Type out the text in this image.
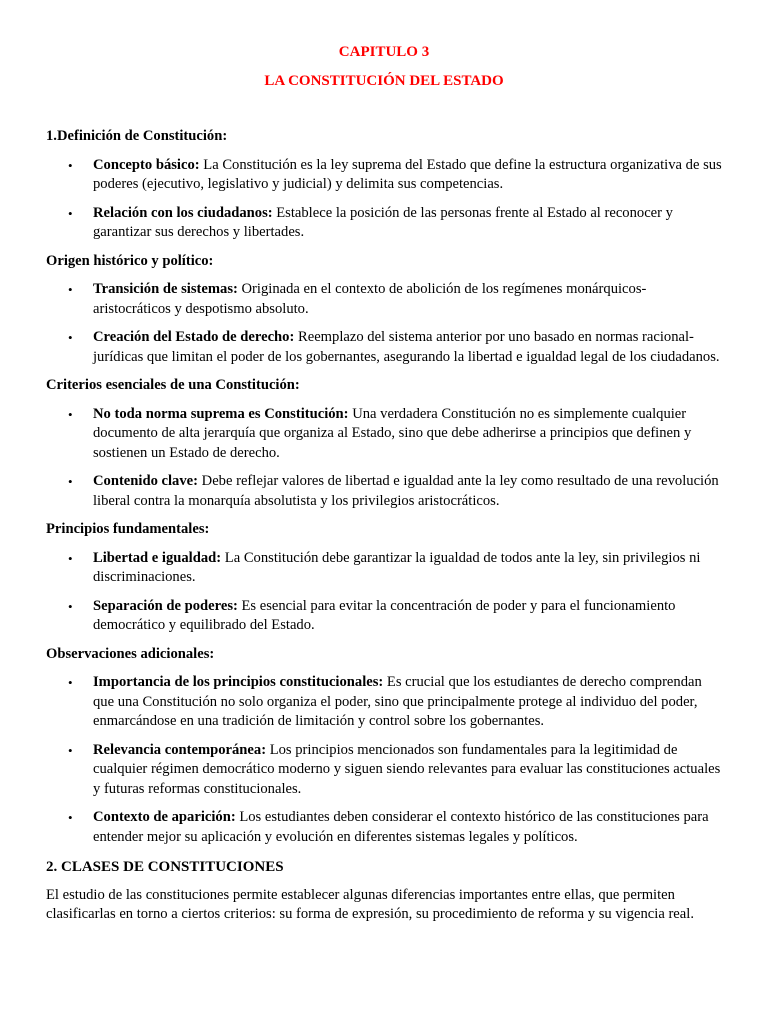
CAPITULO 3
LA CONSTITUCIÓN DEL ESTADO
1.Definición de Constitución:
• Concepto básico: La Constitución es la ley suprema del Estado que define la estructura organizativa de sus poderes (ejecutivo, legislativo y judicial) y delimita sus competencias.
• Relación con los ciudadanos: Establece la posición de las personas frente al Estado al reconocer y garantizar sus derechos y libertades.
Origen histórico y político:
• Transición de sistemas: Originada en el contexto de abolición de los regímenes monárquicos-aristocráticos y despotismo absoluto.
• Creación del Estado de derecho: Reemplazo del sistema anterior por uno basado en normas racional-jurídicas que limitan el poder de los gobernantes, asegurando la libertad e igualdad legal de los ciudadanos.
Criterios esenciales de una Constitución:
• No toda norma suprema es Constitución: Una verdadera Constitución no es simplemente cualquier documento de alta jerarquía que organiza al Estado, sino que debe adherirse a principios que definen y sostienen un Estado de derecho.
• Contenido clave: Debe reflejar valores de libertad e igualdad ante la ley como resultado de una revolución liberal contra la monarquía absolutista y los privilegios aristocráticos.
Principios fundamentales:
• Libertad e igualdad: La Constitución debe garantizar la igualdad de todos ante la ley, sin privilegios ni discriminaciones.
• Separación de poderes: Es esencial para evitar la concentración de poder y para el funcionamiento democrático y equilibrado del Estado.
Observaciones adicionales:
• Importancia de los principios constitucionales: Es crucial que los estudiantes de derecho comprendan que una Constitución no solo organiza el poder, sino que principalmente protege al individuo del poder, enmarcándose en una tradición de limitación y control sobre los gobernantes.
• Relevancia contemporánea: Los principios mencionados son fundamentales para la legitimidad de cualquier régimen democrático moderno y siguen siendo relevantes para evaluar las constituciones actuales y futuras reformas constitucionales.
• Contexto de aparición: Los estudiantes deben considerar el contexto histórico de las constituciones para entender mejor su aplicación y evolución en diferentes sistemas legales y políticos.
2. CLASES DE CONSTITUCIONES
El estudio de las constituciones permite establecer algunas diferencias importantes entre ellas, que permiten clasificarlas en torno a ciertos criterios: su forma de expresión, su procedimiento de reforma y su vigencia real.
